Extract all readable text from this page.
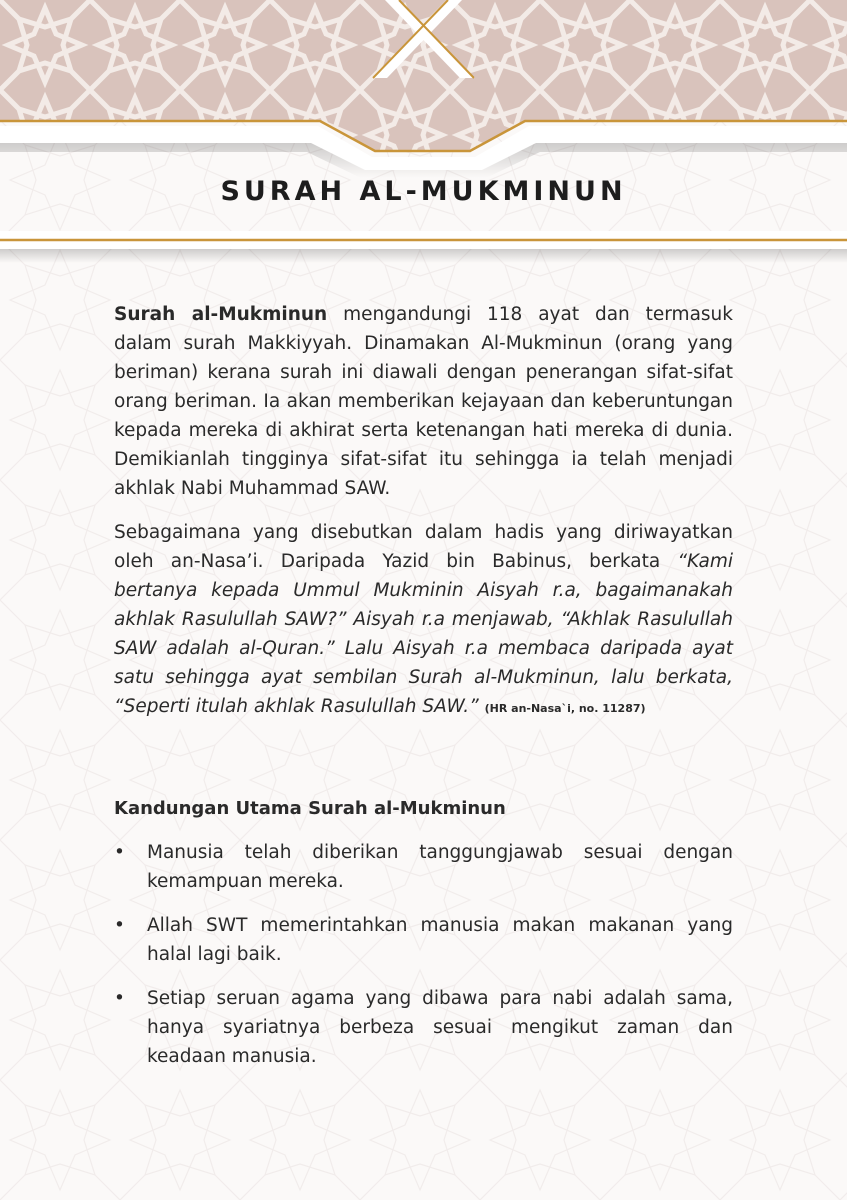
SURAH AL-MUKMINUN

Surah al-Mukminun mengandungi 118 ayat dan termasuk dalam surah Makkiyyah. Dinamakan Al-Mukminun (orang yang beriman) kerana surah ini diawali dengan penerangan sifat-sifat orang beriman. Ia akan memberikan kejayaan dan keberuntungan kepada mereka di akhirat serta ketenangan hati mereka di dunia. Demikianlah tingginya sifat-sifat itu sehingga ia telah menjadi akhlak Nabi Muhammad SAW.

Sebagaimana yang disebutkan dalam hadis yang diriwayatkan oleh an-Nasa’i. Daripada Yazid bin Babinus, berkata “Kami bertanya kepada Ummul Mukminin Aisyah r.a, bagaimanakah akhlak Rasulullah SAW?” Aisyah r.a menjawab, “Akhlak Rasulullah SAW adalah al-Quran.” Lalu Aisyah r.a membaca daripada ayat satu sehingga ayat sembilan Surah al-Mukminun, lalu berkata, “Seperti itulah akhlak Rasulullah SAW.” (HR an-Nasa`i, no. 11287)

Kandungan Utama Surah al-Mukminun
• Manusia telah diberikan tanggungjawab sesuai dengan kemampuan mereka.
• Allah SWT memerintahkan manusia makan makanan yang halal lagi baik.
• Setiap seruan agama yang dibawa para nabi adalah sama, hanya syariatnya berbeza sesuai mengikut zaman dan keadaan manusia.
